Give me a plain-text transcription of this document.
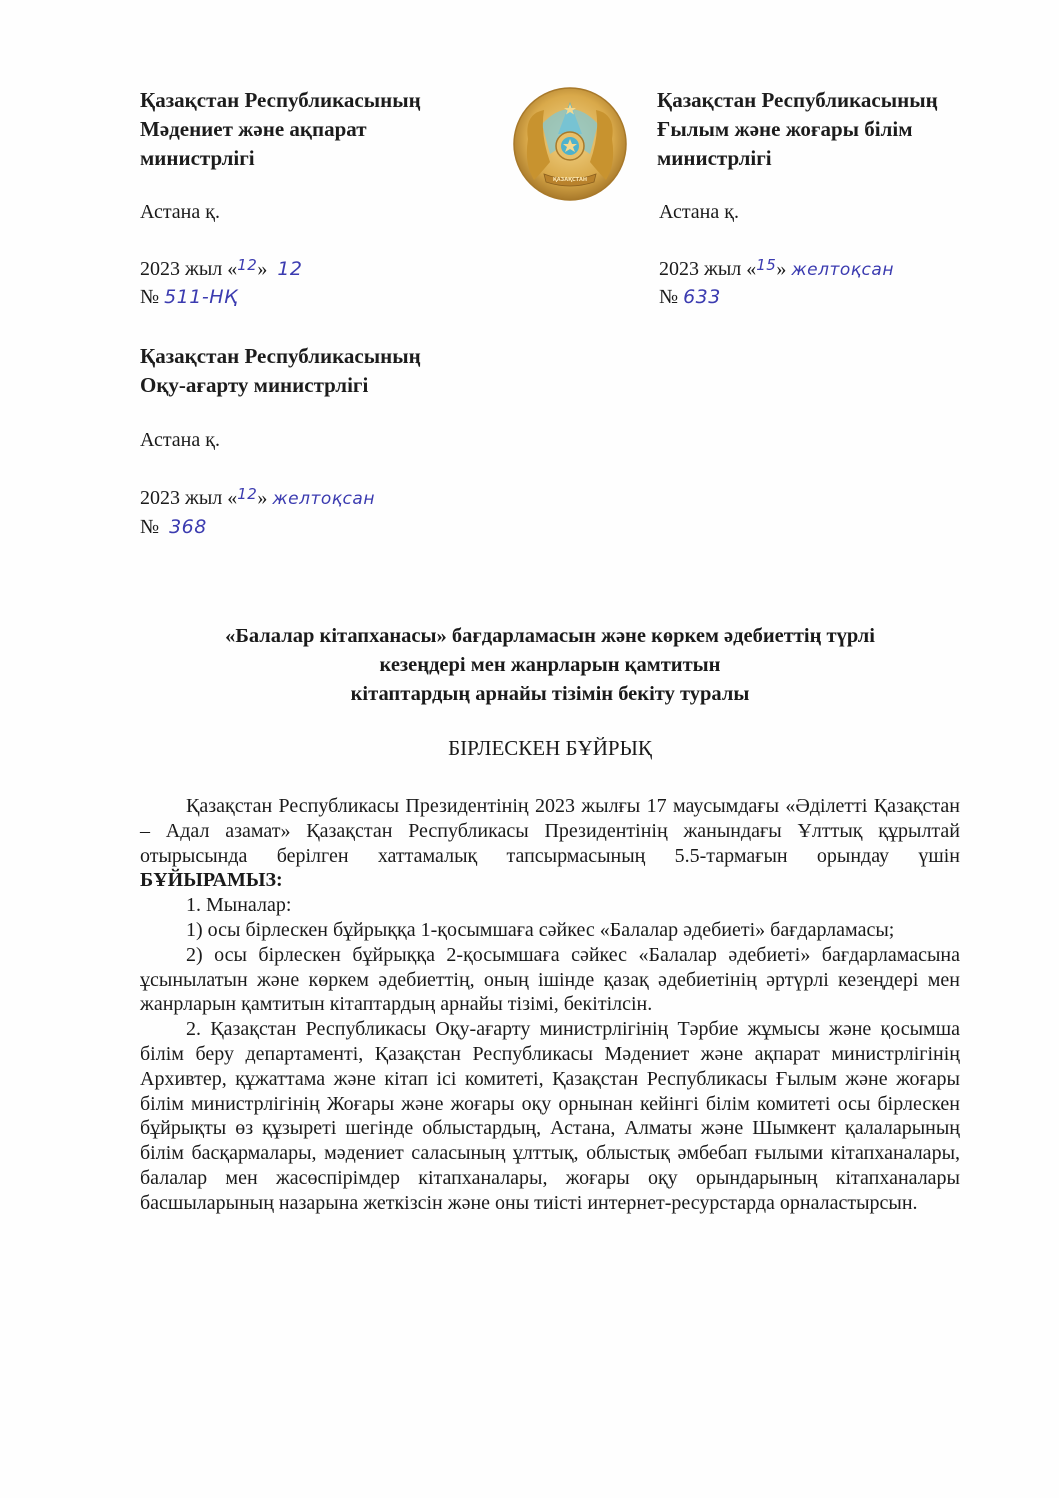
Қазақстан Республикасының
Мәдениет және ақпарат
министрлігі
Астана қ.
2023 жыл «$^{12}$» 12
№ 511-НҚ
ҚАЗАҚСТАН
Қазақстан Республикасының
Ғылым және жоғары білім
министрлігі
Астана қ.
2023 жыл «$^{15}$» желтоқсан
№ 633
Қазақстан Республикасының
Оқу-ағарту министрлігі
Астана қ.
2023 жыл «$^{12}$» желтоқсан
№ 368
«Балалар кітапханасы» бағдарламасын және көркем әдебиеттің түрлі
кезеңдері мен жанрларын қамтитын
кітаптардың арнайы тізімін бекіту туралы
БІРЛЕСКЕН БҰЙРЫҚ

Қазақстан Республикасы Президентінің 2023 жылғы 17 маусымдағы «Әділетті Қазақстан – Адал азамат» Қазақстан Республикасы Президентінің жанындағы Ұлттық құрылтай отырысында берілген хаттамалық тапсырмасының 5.5-тармағын орындау үшін БҰЙЫРАМЫЗ:

1. Мыналар:

1) осы бірлескен бұйрыққа 1-қосымшаға сәйкес «Балалар әдебиеті» бағдарламасы;

2) осы бірлескен бұйрыққа 2-қосымшаға сәйкес «Балалар әдебиеті» бағдарламасына ұсынылатын және көркем әдебиеттің, оның ішінде қазақ әдебиетінің әртүрлі кезеңдері мен жанрларын қамтитын кітаптардың арнайы тізімі, бекітілсін.

2. Қазақстан Республикасы Оқу-ағарту министрлігінің Тәрбие жұмысы және қосымша білім беру департаменті, Қазақстан Республикасы Мәдениет және ақпарат министрлігінің Архивтер, құжаттама және кітап ісі комитеті, Қазақстан Республикасы Ғылым және жоғары білім министрлігінің Жоғары және жоғары оқу орнынан кейінгі білім комитеті осы бірлескен бұйрықты өз құзыреті шегінде облыстардың, Астана, Алматы және Шымкент қалаларының білім басқармалары, мәдениет саласының ұлттық, облыстық әмбебап ғылыми кітапханалары, балалар мен жасөспірімдер кітапханалары, жоғары оқу орындарының кітапханалары басшыларының назарына жеткізсін және оны тиісті интернет-ресурстарда орналастырсын.
